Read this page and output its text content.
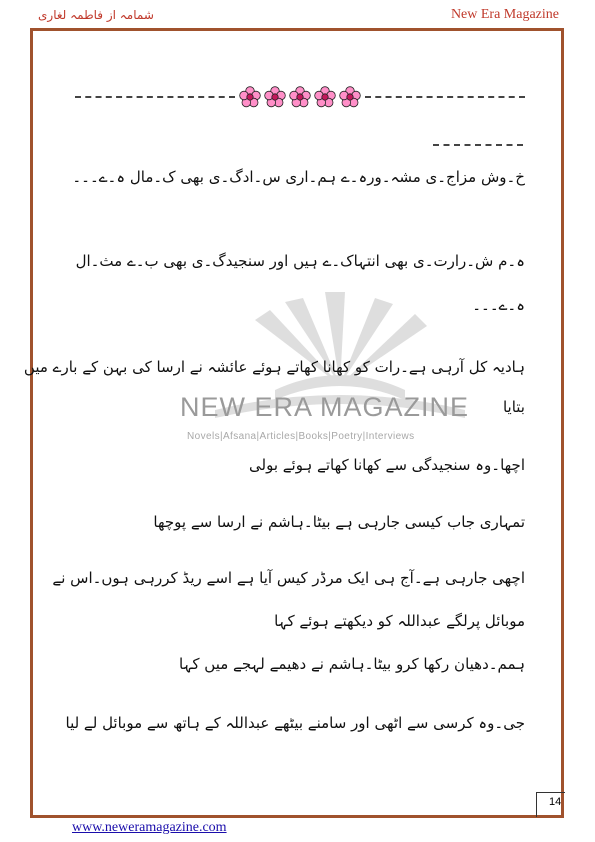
شمامہ از فاطمہ لغاری	New Era Magazine
NEW ERA MAGAZINE
Novels|Afsana|Articles|Books|Poetry|Interviews
خ۔وش مزاج۔ی مشہ۔ورہ۔ے ہم۔اری س۔ادگ۔ی بھی ک۔مال ہ۔ے۔۔۔
ہ۔م ش۔رارت۔ی بھی انتہاک۔ے ہیں اور سنجیدگ۔ی بھی ب۔ے مث۔ال
ہ۔ے۔۔۔
ہادیہ کل آرہی ہے۔رات کو کھانا کھاتے ہوئے عائشہ نے ارسا کی بہن کے بارے میں
بتایا
اچھا۔وہ سنجیدگی سے کھانا کھاتے ہوئے بولی
تمہاری جاب کیسی جارہی ہے بیٹا۔ہاشم نے ارسا سے پوچھا
اچھی جارہی ہے۔آج ہی ایک مرڈر کیس آیا ہے اسے ریڈ کررہی ہوں۔اس نے
موبائل پرلگے عبداللہ کو دیکھتے ہوئے کہا
ہمم۔دھیان رکھا کرو بیٹا۔ہاشم نے دھیمے لہجے میں کہا
جی۔وہ کرسی سے اٹھی اور سامنے بیٹھے عبداللہ کے ہاتھ سے موبائل لے لیا
14
www.neweramagazine.com
